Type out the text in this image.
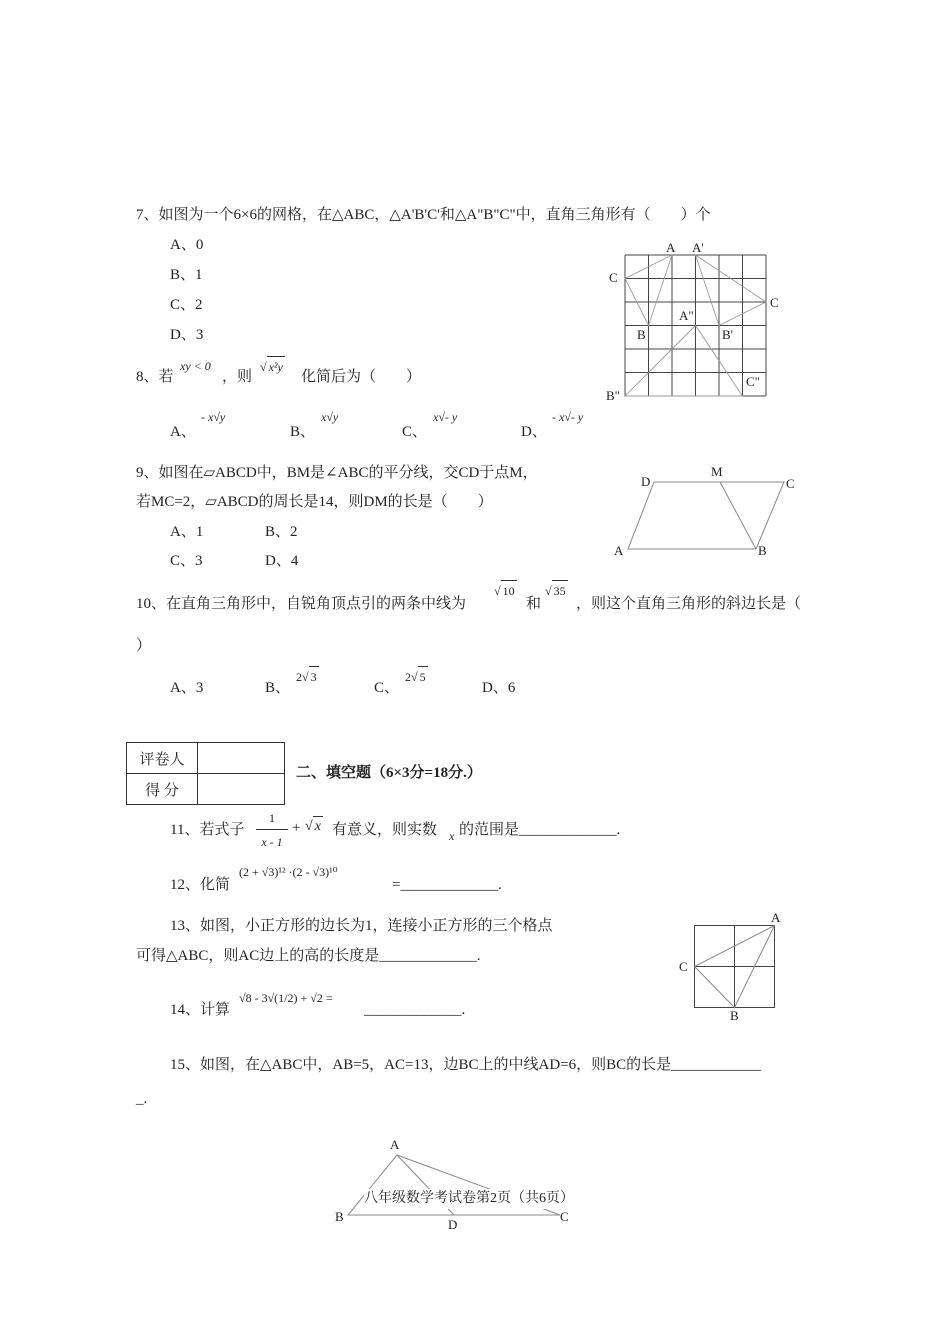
7、如图为一个6×6的网格，在△ABC，△A'B'C'和△A"B"C"中，直角三角形有（　　）个
A、0
B、1
C、2
D、3
A A'
C
C
A"
B	B'
B"
C"
8、若
xy < 0
，则
√ x²y
化简后为（　　）
A、
- x√y
B、
x√y
C、
x√- y
D、
- x√- y
9、如图在▱ABCD中，BM是∠ABC的平分线，交CD于点M，
若MC=2，▱ABCD的周长是14，则DM的长是（　　）
A、1	B、2
C、3	D、4
D
M
C
A	B
10、在直角三角形中，自锐角顶点引的两条中线为
√ 10
和
√ 35
，则这个直角三角形的斜边长是（
）
A、3	B、
2√ 3
C、
2√ 5
D、6
评卷人	
得 分	
二、填空题（6×3分=18分.）
11、若式子
1
x - 1
+ √ x 有意义，则实数 x 的范围是_____________.
12、化简
(2 + √3)¹² ·(2 - √3)¹⁰
=_____________.
13、如图，小正方形的边长为1，连接小正方形的三个格点
可得△ABC，则AC边上的高的长度是_____________.
A
C
B
14、计算
√8 - 3√(1/2) + √2 =
_____________.
15、如图，在△ABC中，AB=5，AC=13，边BC上的中线AD=6，则BC的长是____________
_.
A
B	C
D
八年级数学考试卷第2页（共6页）
